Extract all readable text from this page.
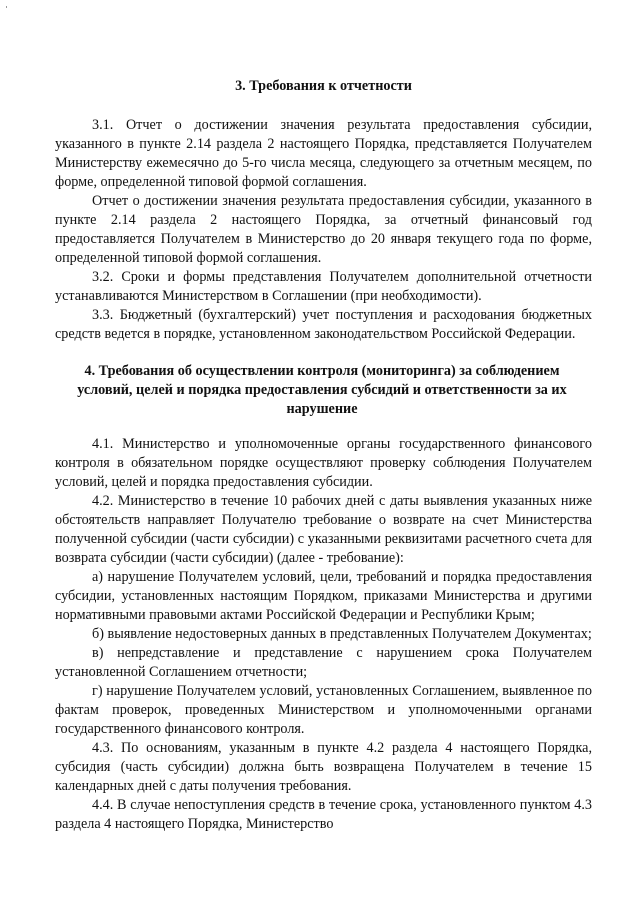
3. Требования к отчетности

3.1. Отчет о достижении значения результата предоставления субсидии, указанного в пункте 2.14 раздела 2 настоящего Порядка, представляется Получателем Министерству ежемесячно до 5-го числа месяца, следующего за отчетным месяцем, по форме, определенной типовой формой соглашения.

Отчет о достижении значения результата предоставления субсидии, указанного в пункте 2.14 раздела 2 настоящего Порядка, за отчетный финансовый год предоставляется Получателем в Министерство до 20 января текущего года по форме, определенной типовой формой соглашения.

3.2. Сроки и формы представления Получателем дополнительной отчетности устанавливаются Министерством в Соглашении (при необходимости).

3.3. Бюджетный (бухгалтерский) учет поступления и расходования бюджетных средств ведется в порядке, установленном законодательством Российской Федерации.

4. Требования об осуществлении контроля (мониторинга) за соблюдением условий, целей и порядка предоставления субсидий и ответственности за их нарушение

4.1. Министерство и уполномоченные органы государственного финансового контроля в обязательном порядке осуществляют проверку соблюдения Получателем условий, целей и порядка предоставления субсидии.

4.2. Министерство в течение 10 рабочих дней с даты выявления указанных ниже обстоятельств направляет Получателю требование о возврате на счет Министерства полученной субсидии (части субсидии) с указанными реквизитами расчетного счета для возврата субсидии (части субсидии) (далее - требование):

а) нарушение Получателем условий, цели, требований и порядка предоставления субсидии, установленных настоящим Порядком, приказами Министерства и другими нормативными правовыми актами Российской Федерации и Республики Крым;

б) выявление недостоверных данных в представленных Получателем Документах;

в) непредставление и представление с нарушением срока Получателем установленной Соглашением отчетности;

г) нарушение Получателем условий, установленных Соглашением, выявленное по фактам проверок, проведенных Министерством и уполномоченными органами государственного финансового контроля.

4.3. По основаниям, указанным в пункте 4.2 раздела 4 настоящего Порядка, субсидия (часть субсидии) должна быть возвращена Получателем в течение 15 календарных дней с даты получения требования.

4.4. В случае непоступления средств в течение срока, установленного пунктом 4.3 раздела 4 настоящего Порядка, Министерство
